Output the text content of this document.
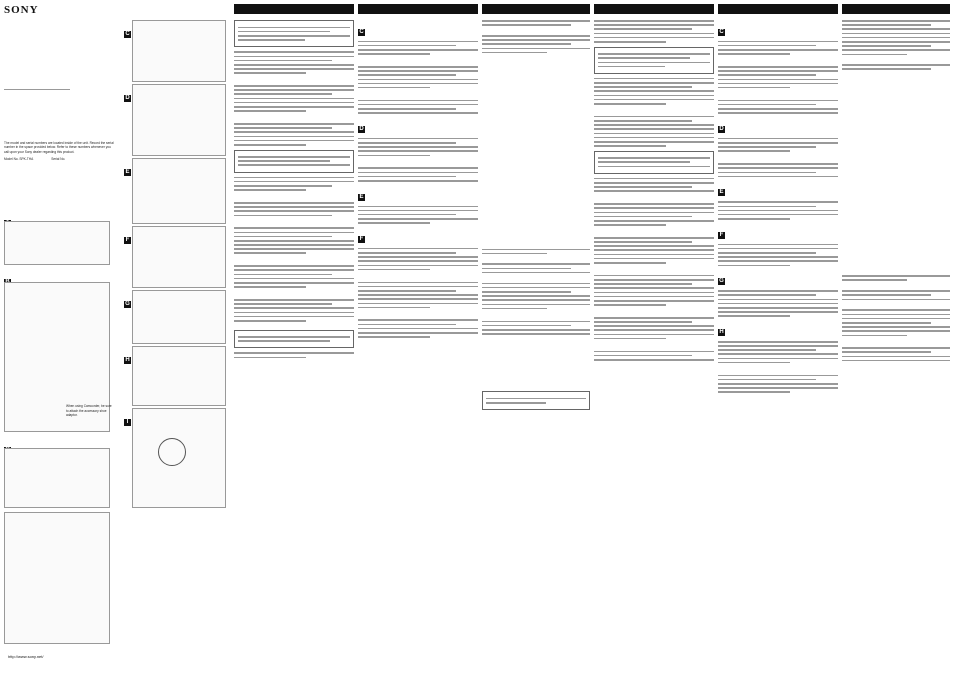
SONY
The model and serial numbers are located inside of the unit. Record the serial number in the space provided below. Refer to these numbers whenever you call upon your Sony dealer regarding this product.
Model No. SPK-THA	Serial No.
When using Camcorder, be sure to attach the accessory shoe adaptor.
http://www.sony.net/
C
D
E
F
G
H
I
C
D
E
F
C
D
E
F
G
H
